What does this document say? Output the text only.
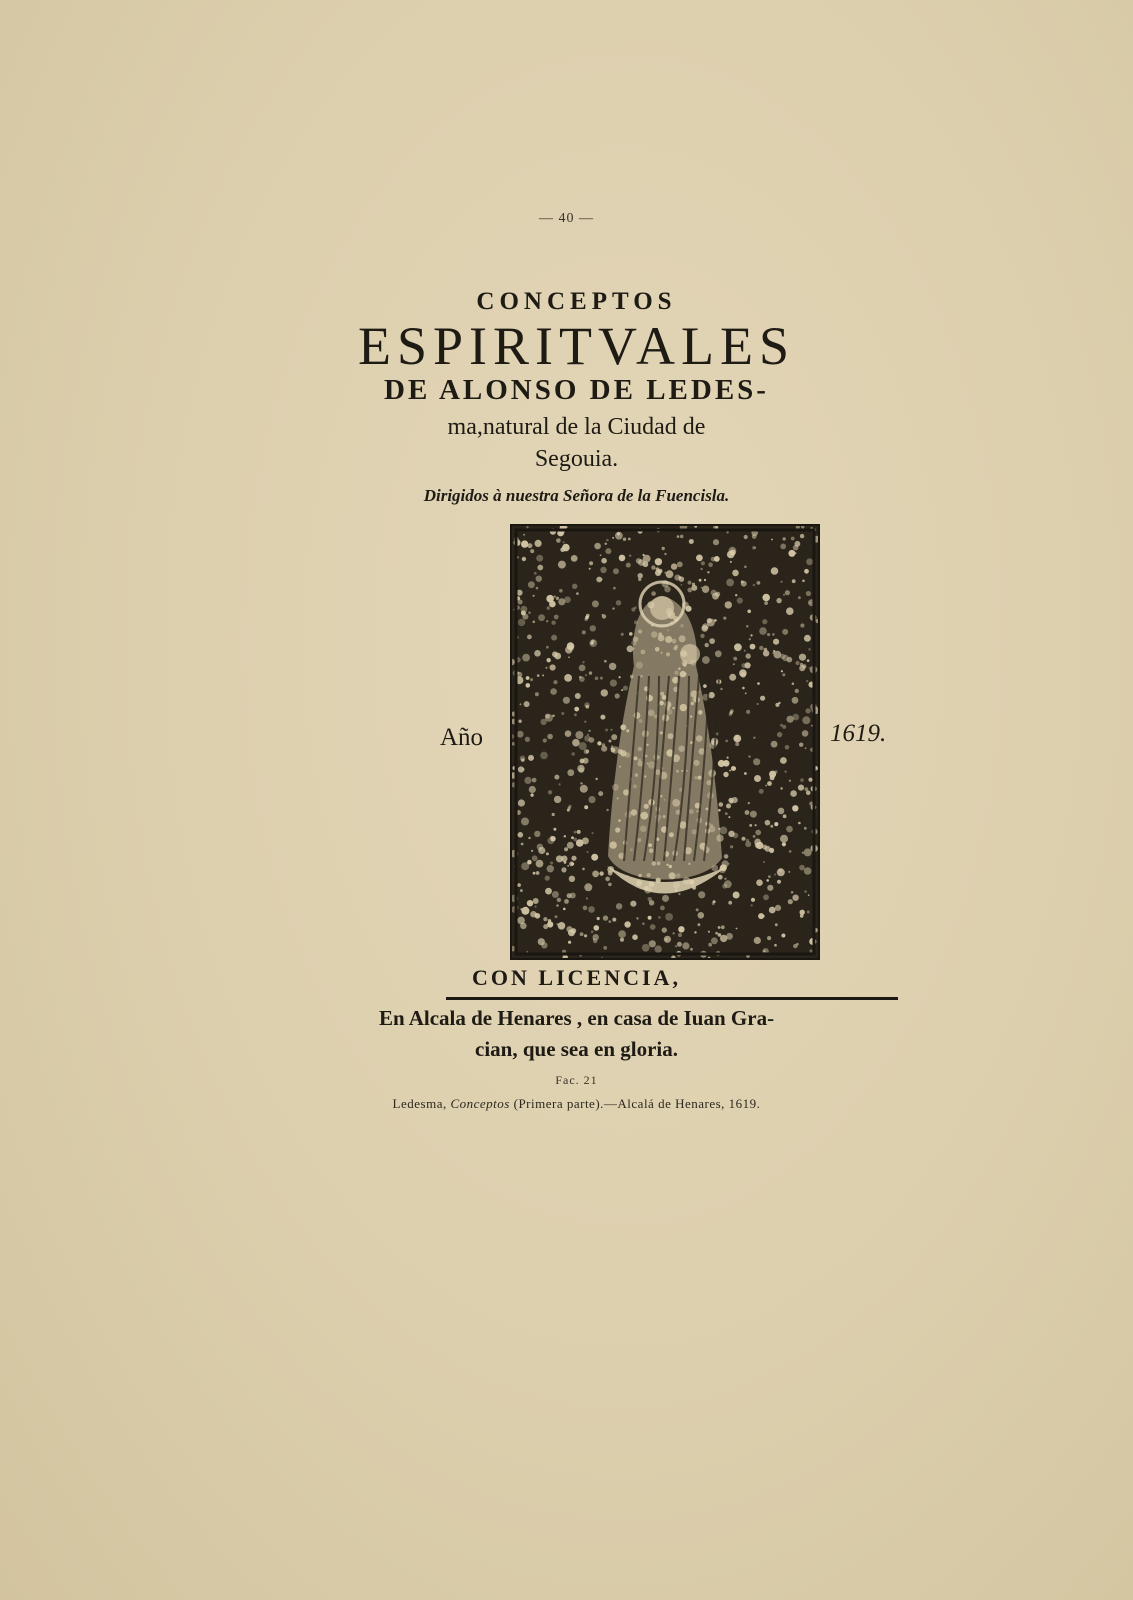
— 40 —
CONCEPTOS
ESPIRITVALES
DE ALONSO DE LEDES-
ma,natural de la Ciudad de
Segouia.
Dirigidos à nuestra Señora de la Fuencisla.
Año	1619.
CON LICENCIA,
En Alcala de Henares , en casa de Iuan Gra-
cian, que sea en gloria.
Fac. 21
Ledesma, Conceptos (Primera parte).—Alcalá de Henares, 1619.
